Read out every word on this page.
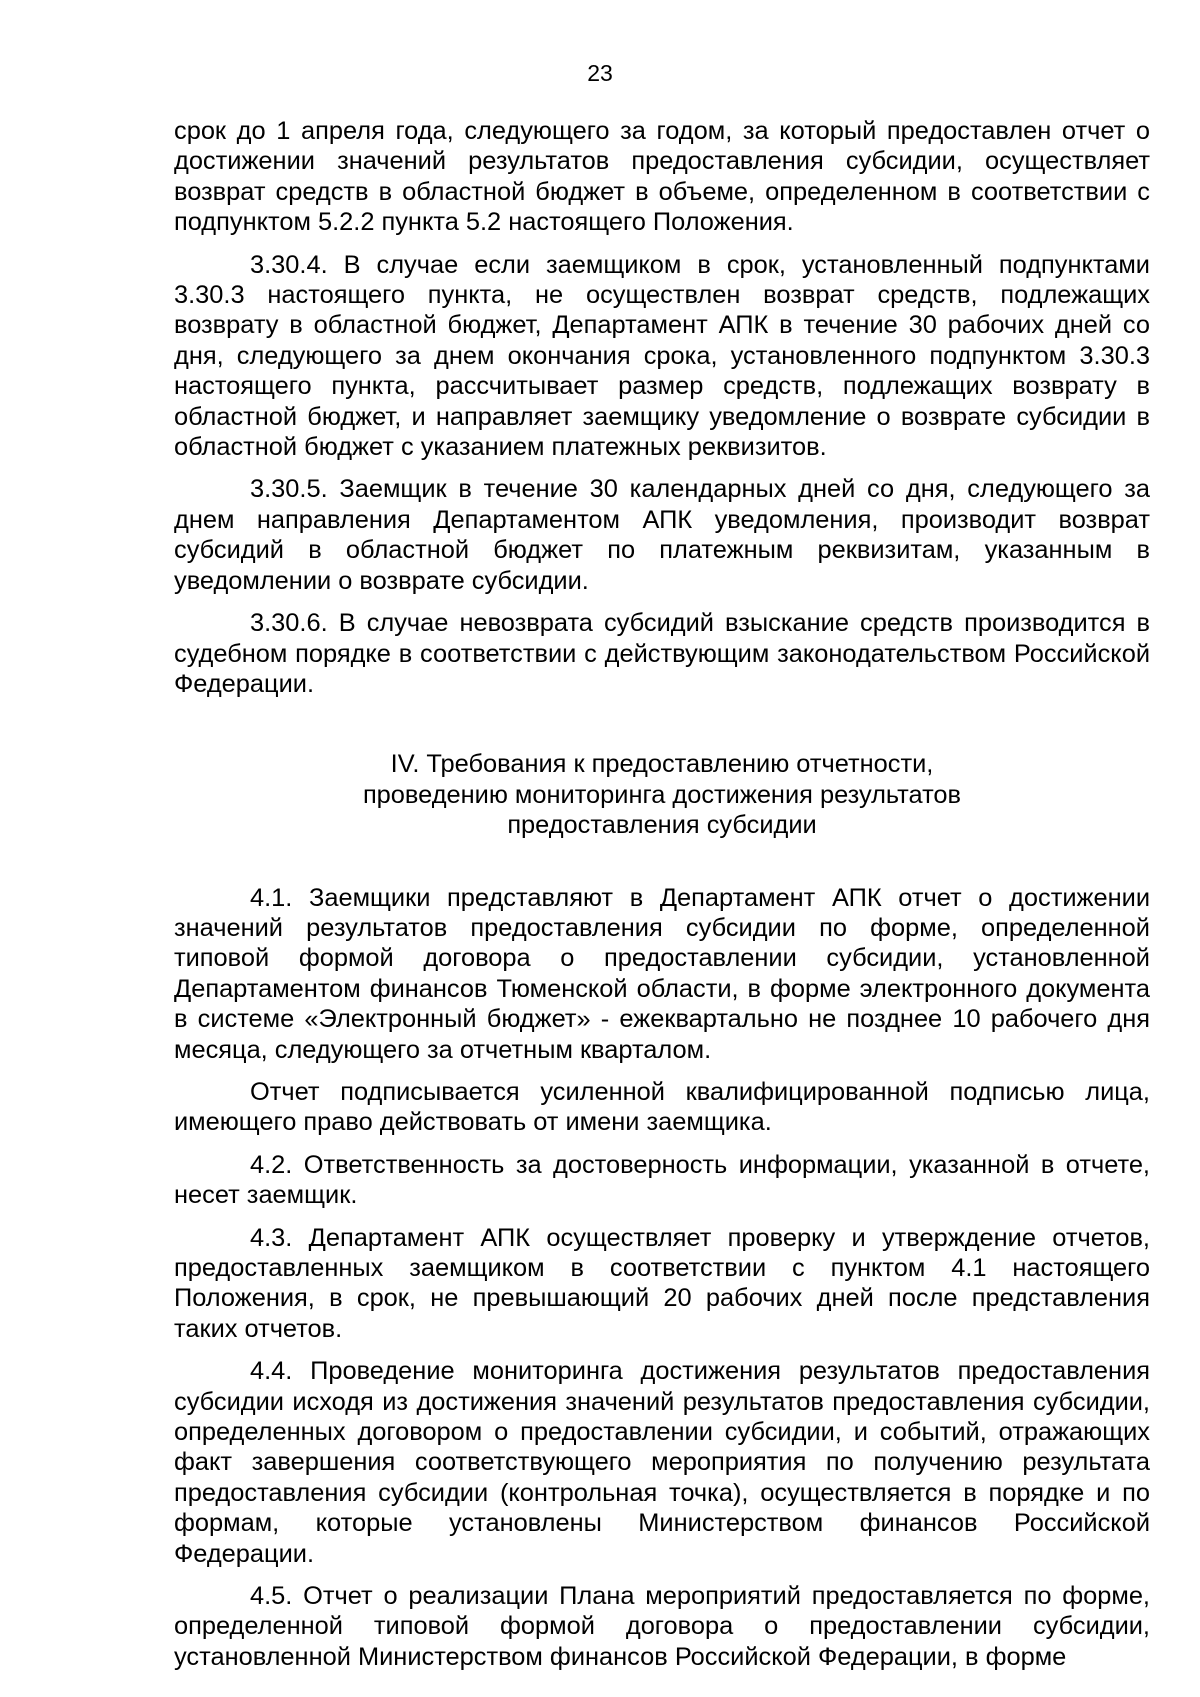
23

срок до 1 апреля года, следующего за годом, за который предоставлен отчет о достижении значений результатов предоставления субсидии, осуществляет возврат средств в областной бюджет в объеме, определенном в соответствии с подпунктом 5.2.2 пункта 5.2 настоящего Положения.

3.30.4. В случае если заемщиком в срок, установленный подпунктами 3.30.3 настоящего пункта, не осуществлен возврат средств, подлежащих возврату в областной бюджет, Департамент АПК в течение 30 рабочих дней со дня, следующего за днем окончания срока, установленного подпунктом 3.30.3 настоящего пункта, рассчитывает размер средств, подлежащих возврату в областной бюджет, и направляет заемщику уведомление о возврате субсидии в областной бюджет с указанием платежных реквизитов.

3.30.5. Заемщик в течение 30 календарных дней со дня, следующего за днем направления Департаментом АПК уведомления, производит возврат субсидий в областной бюджет по платежным реквизитам, указанным в уведомлении о возврате субсидии.

3.30.6. В случае невозврата субсидий взыскание средств производится в судебном порядке в соответствии с действующим законодательством Российской Федерации.

IV. Требования к предоставлению отчетности,
проведению мониторинга достижения результатов
предоставления субсидии

4.1. Заемщики представляют в Департамент АПК отчет о достижении значений результатов предоставления субсидии по форме, определенной типовой формой договора о предоставлении субсидии, установленной Департаментом финансов Тюменской области, в форме электронного документа в системе «Электронный бюджет» - ежеквартально не позднее 10 рабочего дня месяца, следующего за отчетным кварталом.

Отчет подписывается усиленной квалифицированной подписью лица, имеющего право действовать от имени заемщика.

4.2. Ответственность за достоверность информации, указанной в отчете, несет заемщик.

4.3. Департамент АПК осуществляет проверку и утверждение отчетов, предоставленных заемщиком в соответствии с пунктом 4.1 настоящего Положения, в срок, не превышающий 20 рабочих дней после представления таких отчетов.

4.4. Проведение мониторинга достижения результатов предоставления субсидии исходя из достижения значений результатов предоставления субсидии, определенных договором о предоставлении субсидии, и событий, отражающих факт завершения соответствующего мероприятия по получению результата предоставления субсидии (контрольная точка), осуществляется в порядке и по формам, которые установлены Министерством финансов Российской Федерации.

4.5. Отчет о реализации Плана мероприятий предоставляется по форме, определенной типовой формой договора о предоставлении субсидии, установленной Министерством финансов Российской Федерации, в форме
